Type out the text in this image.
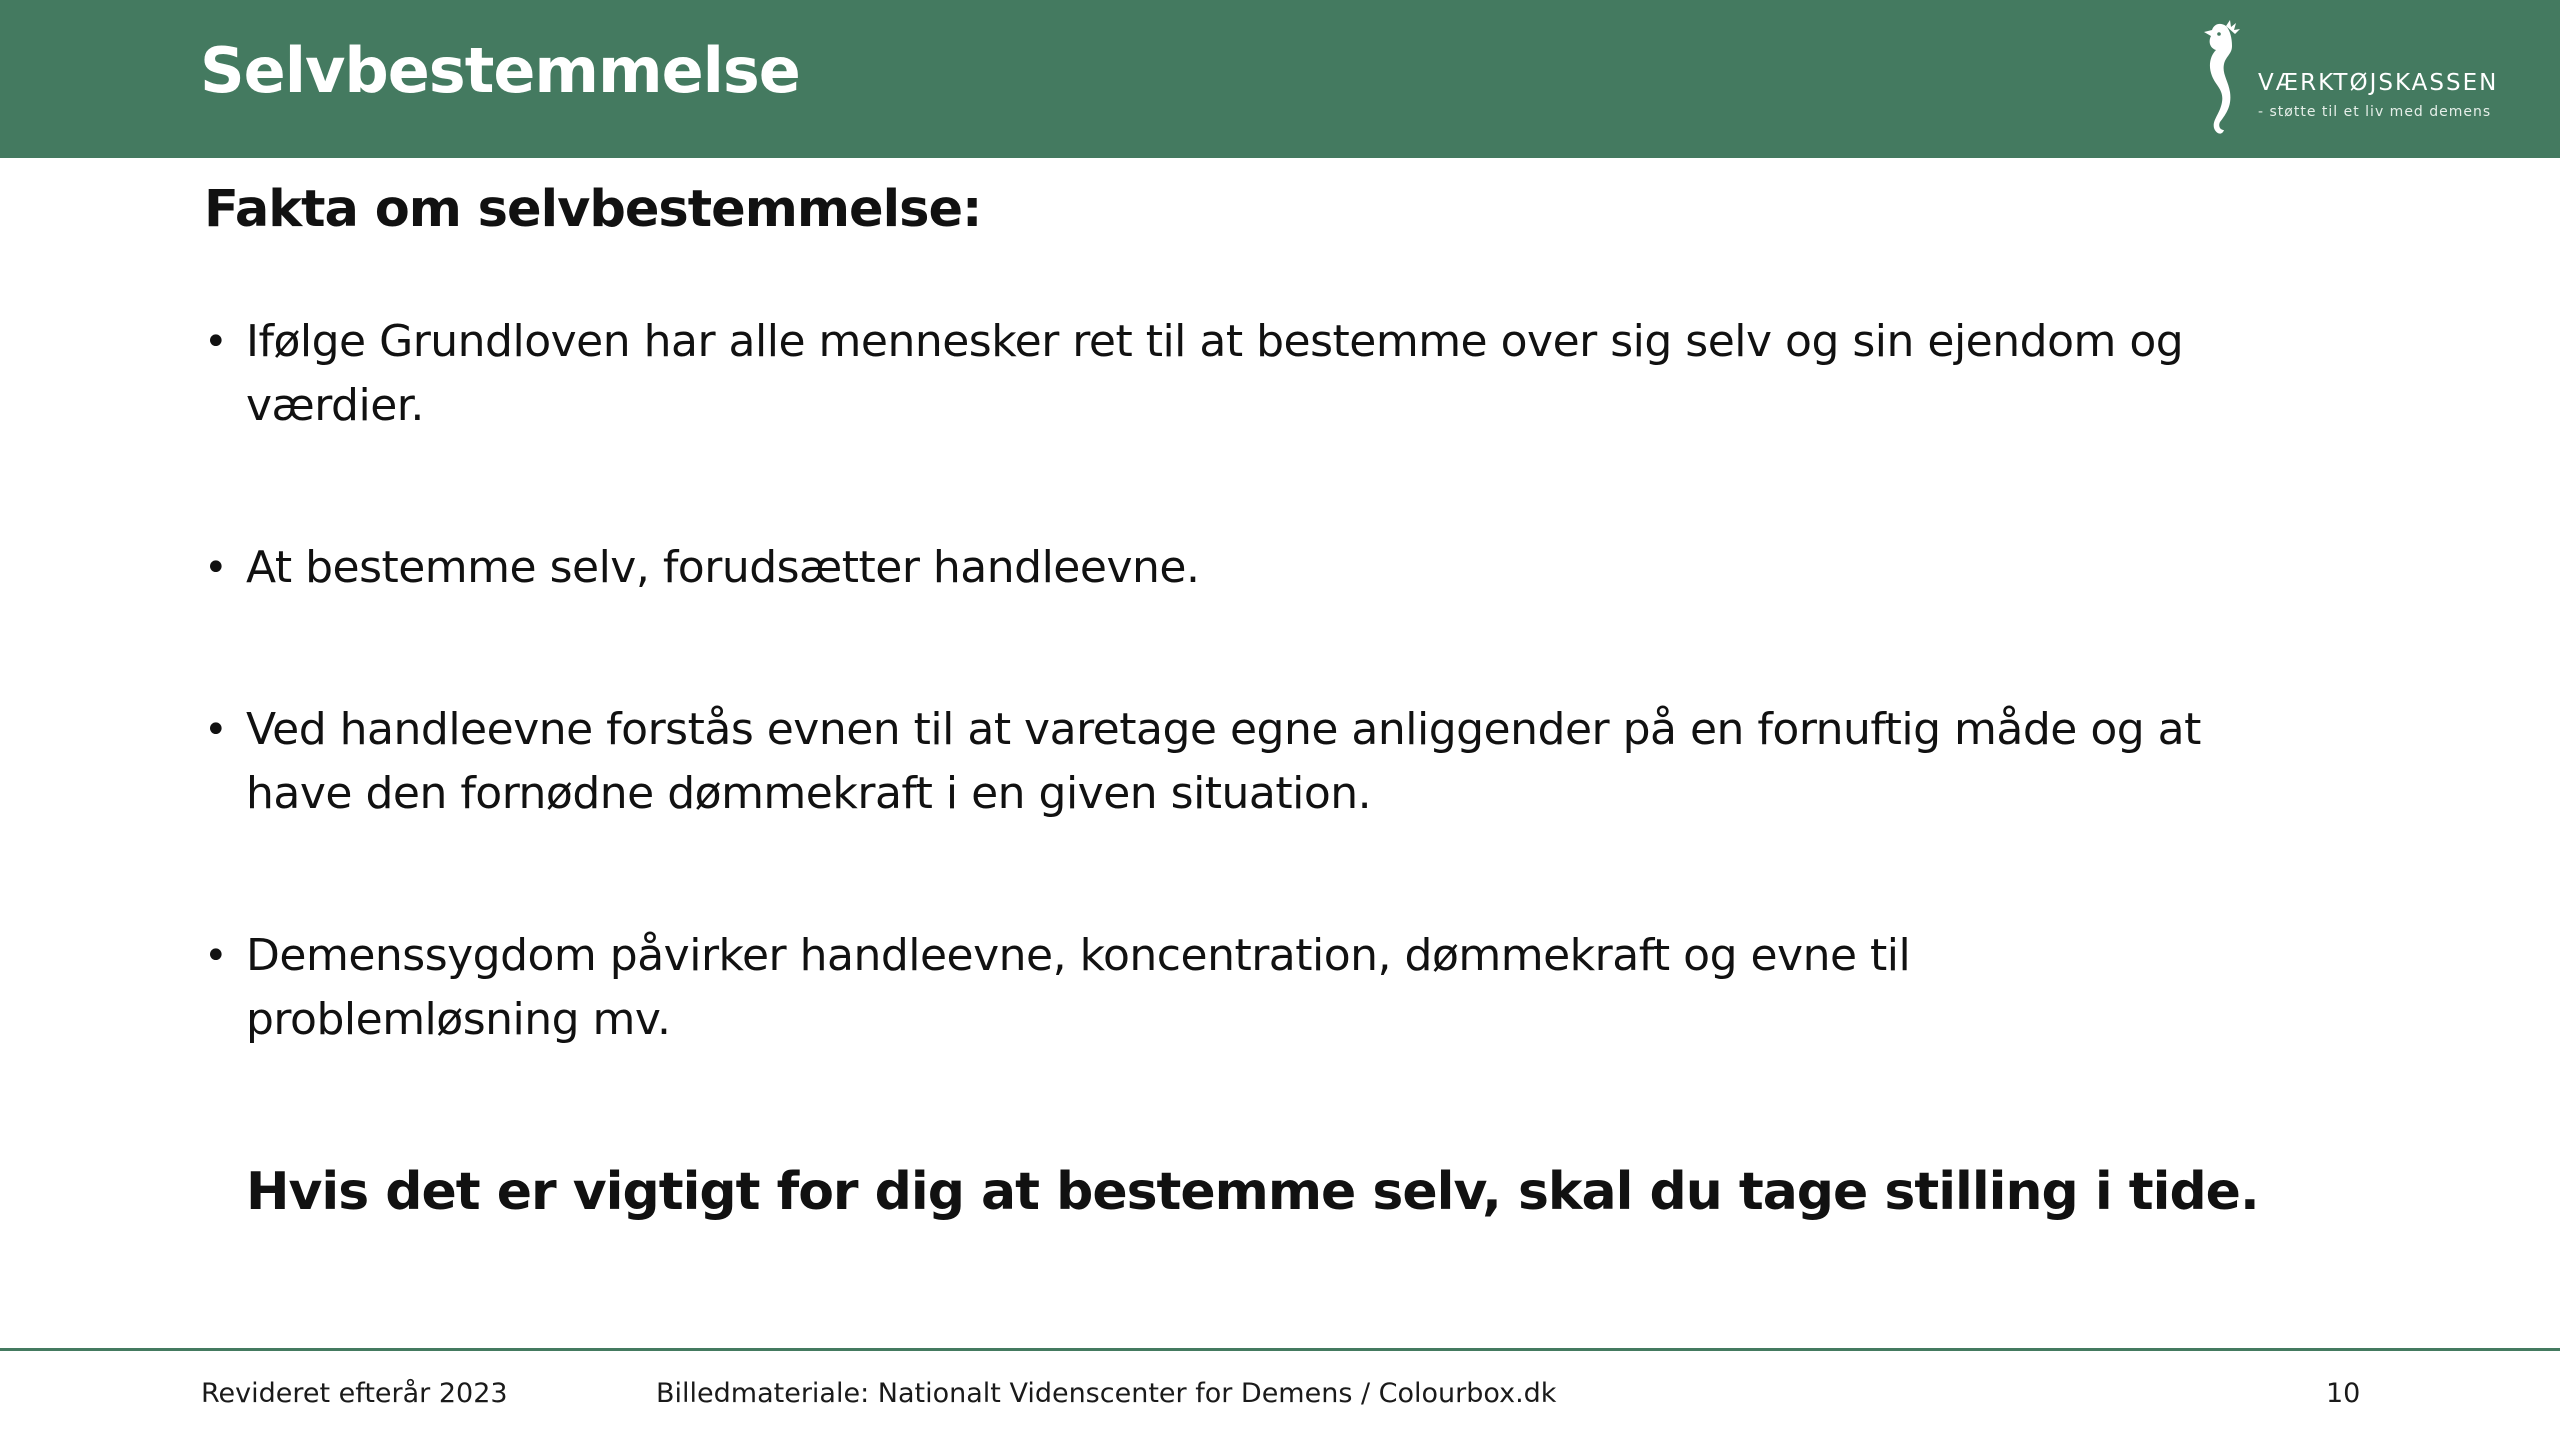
Selvbestemmelse	VÆRKTØJSKASSEN
- støtte til et liv med demens
Fakta om selvbestemmelse:
• Ifølge Grundloven har alle mennesker ret til at bestemme over sig selv og sin ejendom og værdier.
• At bestemme selv, forudsætter handleevne.
• Ved handleevne forstås evnen til at varetage egne anliggender på en fornuftig måde og at have den fornødne dømmekraft i en given situation.
• Demenssygdom påvirker handleevne, koncentration, dømmekraft og evne til problemløsning mv.
Hvis det er vigtigt for dig at bestemme selv, skal du tage stilling i tide.
Revideret efterår 2023	Billedmateriale: Nationalt Videnscenter for Demens / Colourbox.dk	10
